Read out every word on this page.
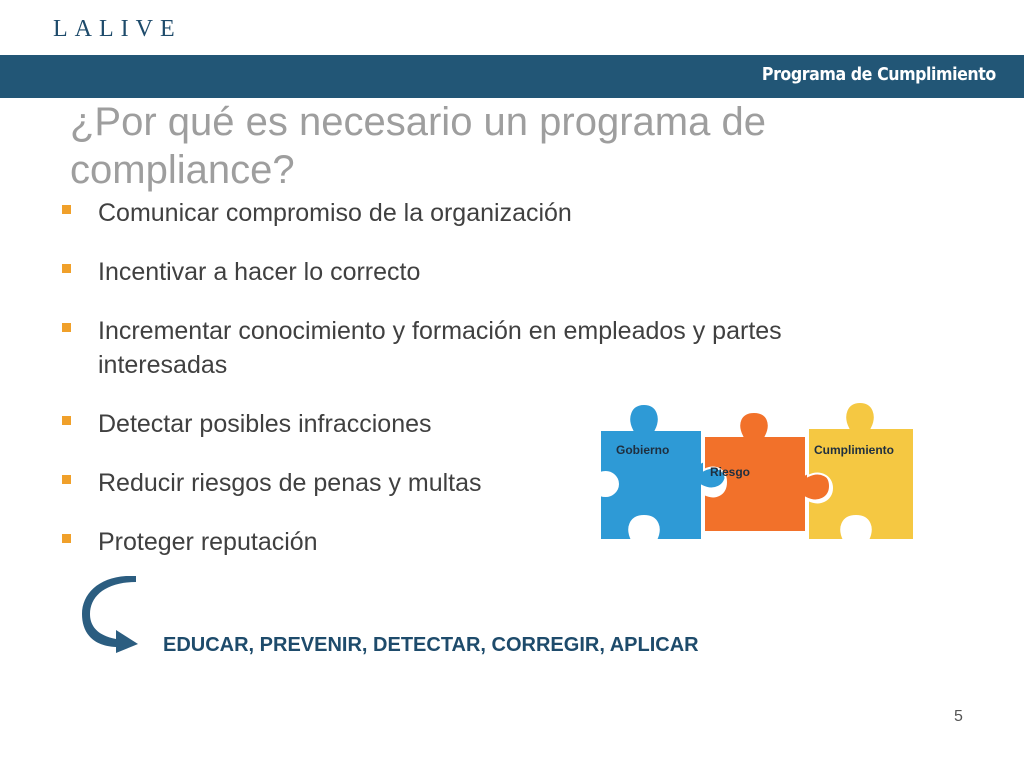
LALIVE
Programa de Cumplimiento
¿Por qué es necesario un programa de compliance?
Comunicar compromiso de la organización
Incentivar a hacer lo correcto
Incrementar conocimiento y formación en empleados y partes interesadas
Detectar posibles infracciones
Reducir riesgos de penas y multas
Proteger reputación
Gobierno
Riesgo
Cumplimiento
EDUCAR, PREVENIR, DETECTAR, CORREGIR, APLICAR
5
